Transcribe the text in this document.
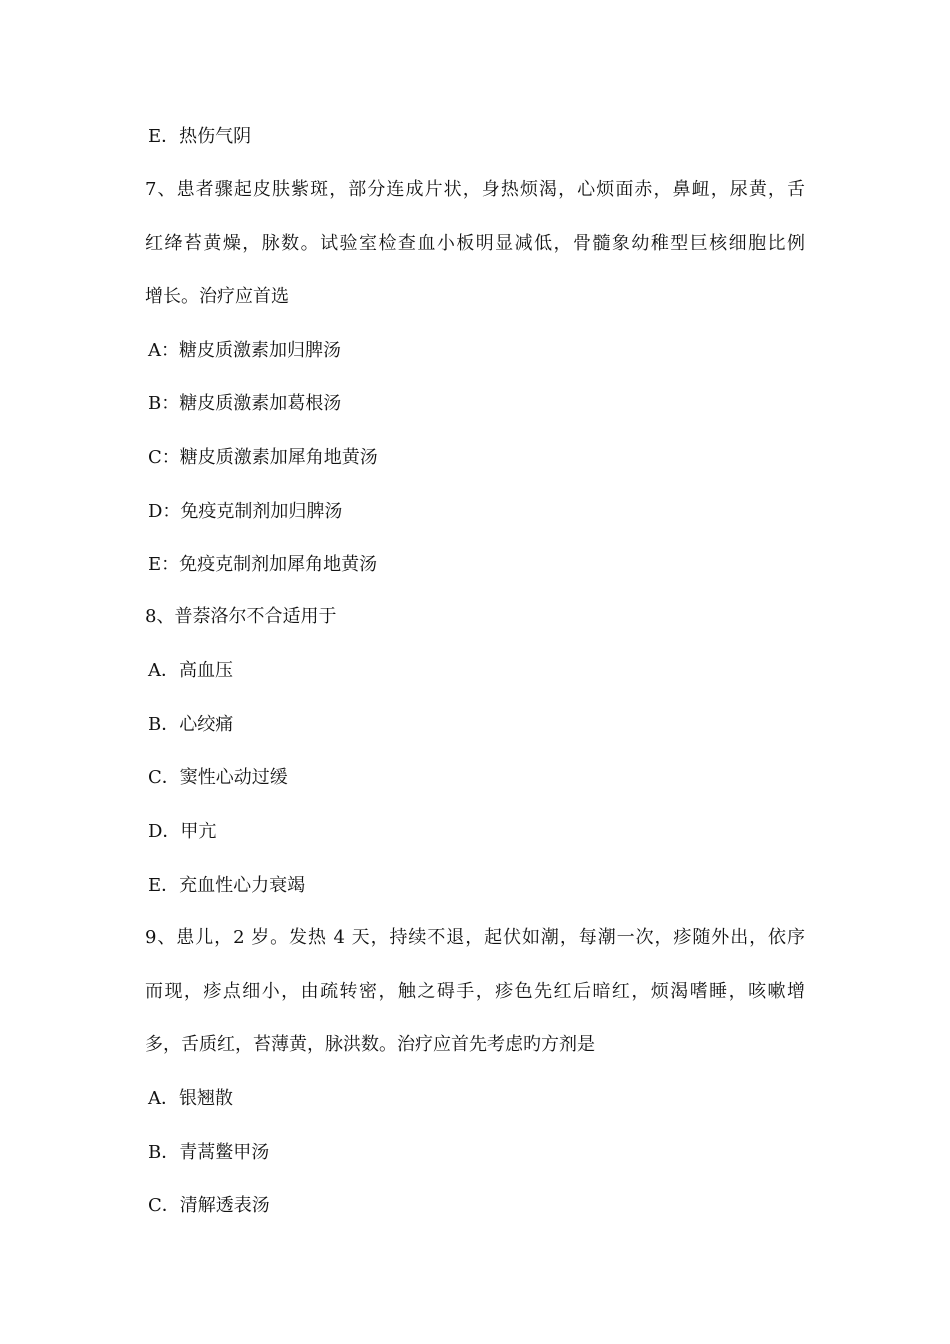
E．热伤气阴
7、患者骤起皮肤紫斑，部分连成片状，身热烦渴，心烦面赤，鼻衄，尿黄，舌
红绛苔黄燥，脉数。试验室检查血小板明显减低，骨髓象幼稚型巨核细胞比例
增长。治疗应首选
A：糖皮质激素加归脾汤
B：糖皮质激素加葛根汤
C：糖皮质激素加犀角地黄汤
D：免疫克制剂加归脾汤
E：免疫克制剂加犀角地黄汤
8、普萘洛尔不合适用于
A．高血压
B．心绞痛
C．窦性心动过缓
D．甲亢
E．充血性心力衰竭
9、患儿，2 岁。发热 4 天，持续不退，起伏如潮，每潮一次，疹随外出，依序
而现，疹点细小，由疏转密，触之碍手，疹色先红后暗红，烦渴嗜睡，咳嗽增
多，舌质红，苔薄黄，脉洪数。治疗应首先考虑旳方剂是
A．银翘散
B．青蒿鳖甲汤
C．清解透表汤
